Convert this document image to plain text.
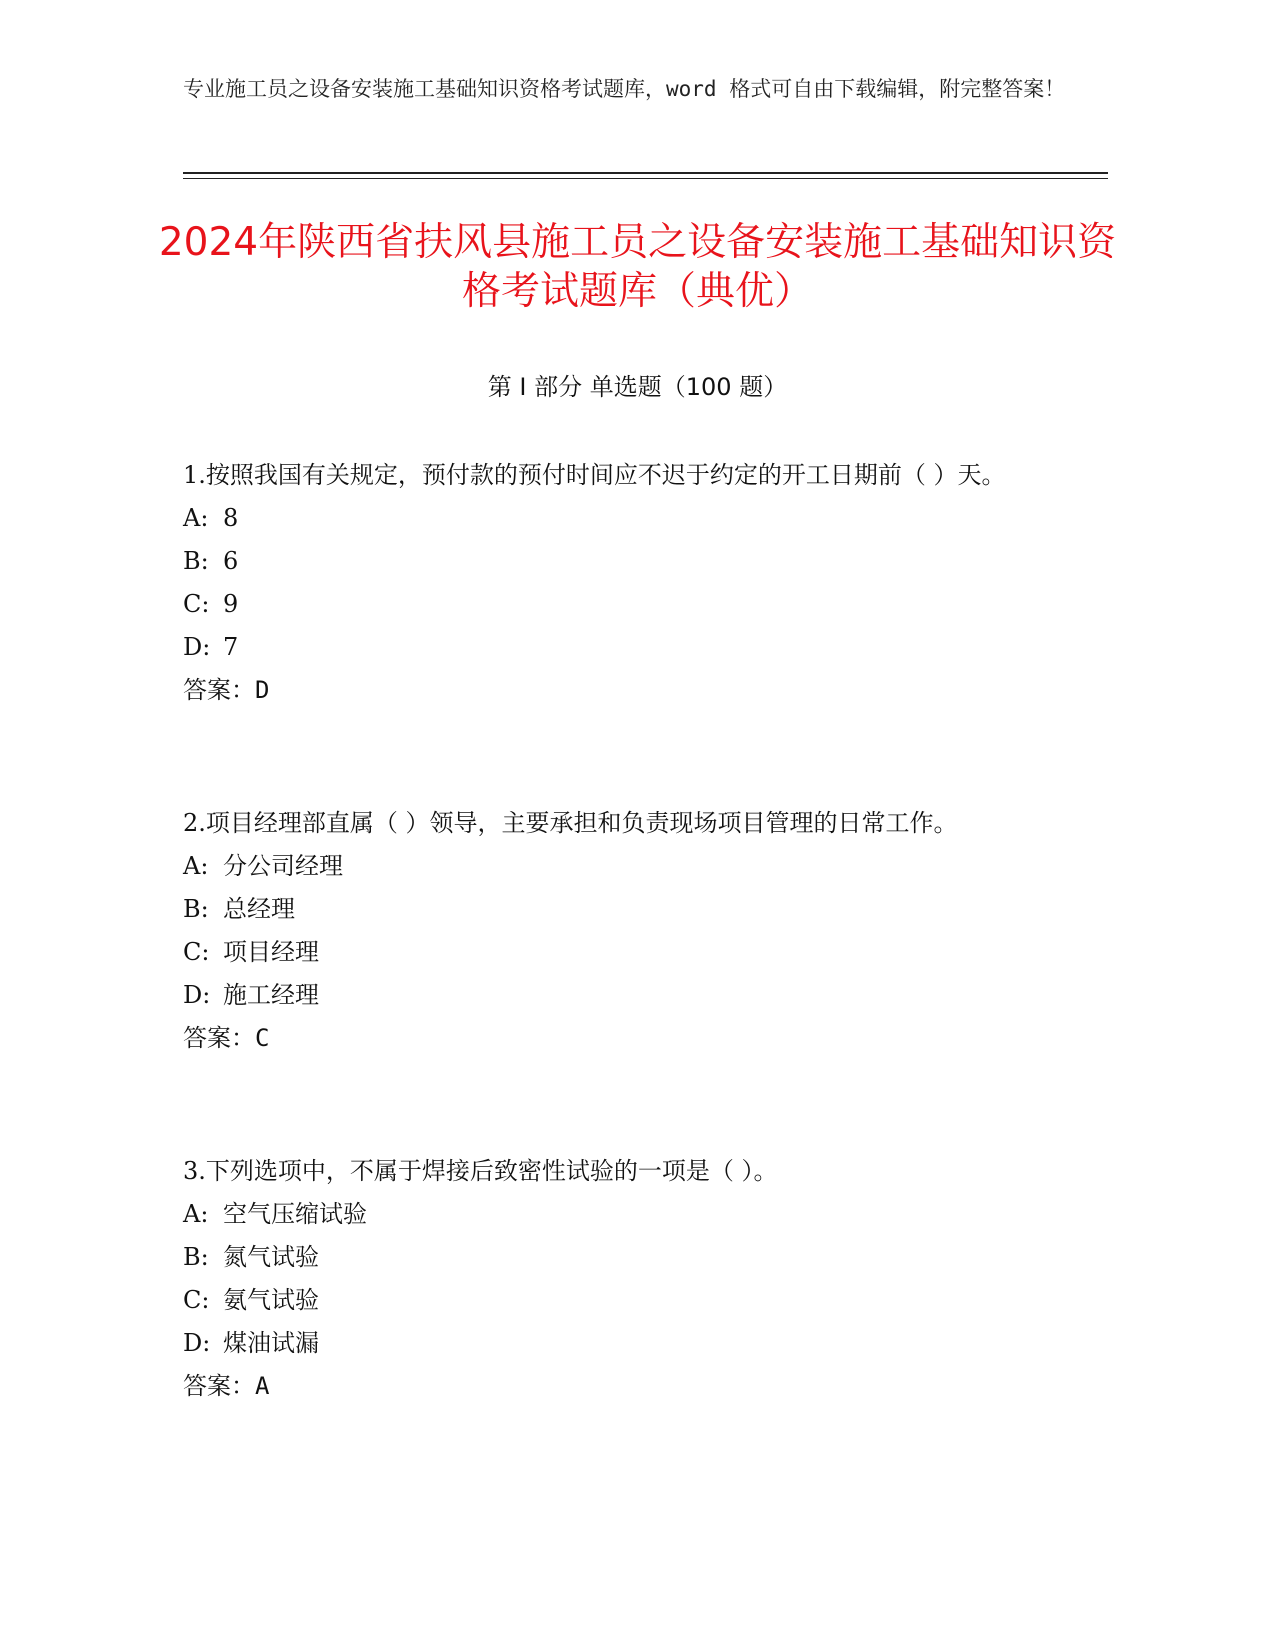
专业施工员之设备安装施工基础知识资格考试题库，word 格式可自由下载编辑，附完整答案！
2024年陕西省扶风县施工员之设备安装施工基础知识资格考试题库（典优）
第 I 部分 单选题（100 题）

1.按照我国有关规定，预付款的预付时间应不迟于约定的开工日期前（ ）天。

A: 8
B: 6
C: 9
D: 7
答案：D

2.项目经理部直属（ ）领导，主要承担和负责现场项目管理的日常工作。

A: 分公司经理
B: 总经理
C: 项目经理
D: 施工经理
答案：C

3.下列选项中，不属于焊接后致密性试验的一项是（ ）。

A: 空气压缩试验
B: 氮气试验
C: 氨气试验
D: 煤油试漏
答案：A
